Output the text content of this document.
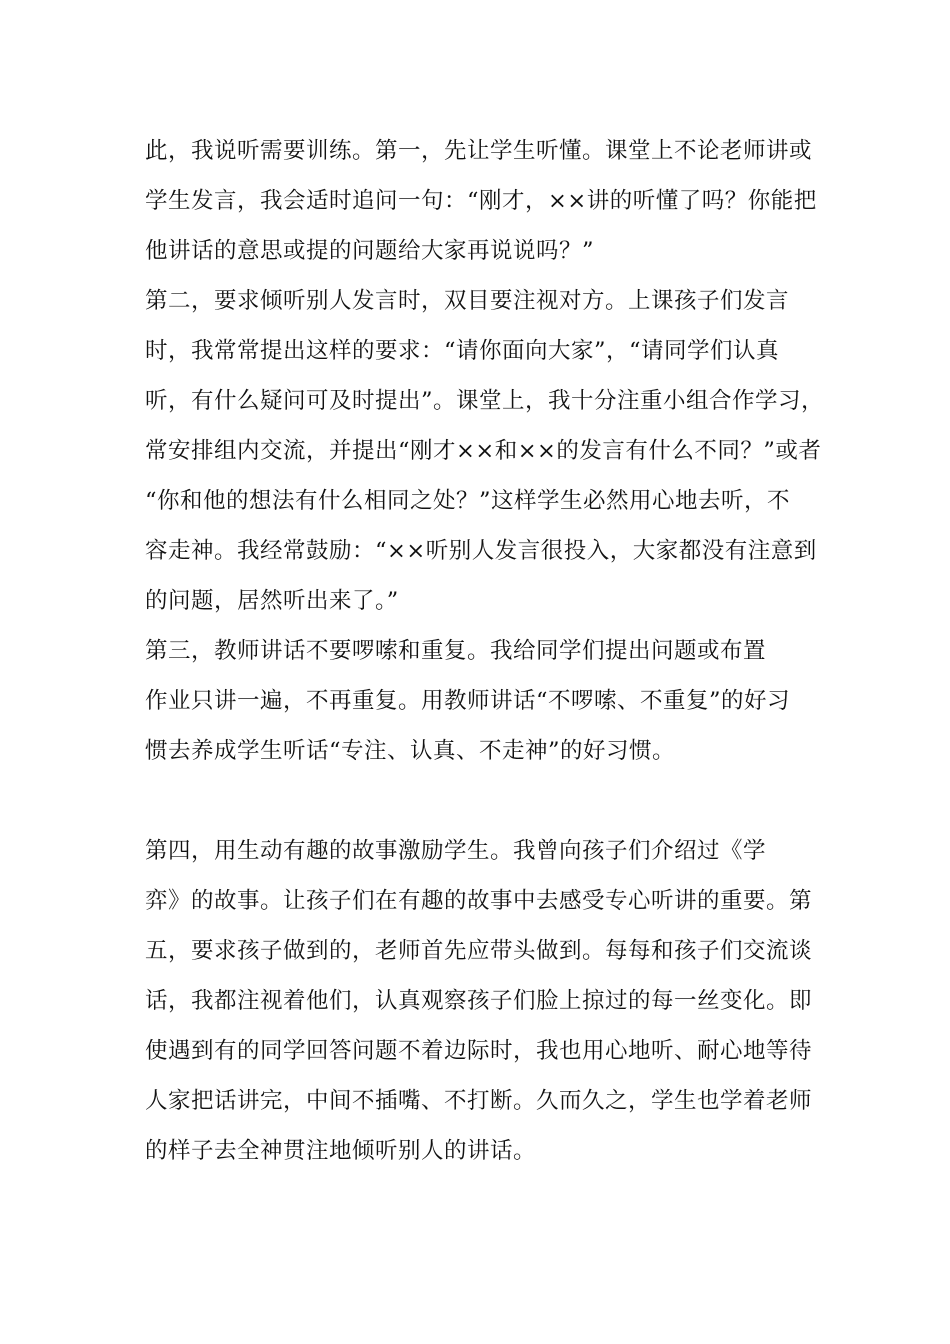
此，我说听需要训练。第一，先让学生听懂。课堂上不论老师讲或
学生发言，我会适时追问一句：“刚才，××讲的听懂了吗？你能把
他讲话的意思或提的问题给大家再说说吗？”

第二，要求倾听别人发言时，双目要注视对方。上课孩子们发言
时，我常常提出这样的要求：“请你面向大家”，“请同学们认真
听，有什么疑问可及时提出”。课堂上，我十分注重小组合作学习，
常安排组内交流，并提出“刚才××和××的发言有什么不同？”或者
“你和他的想法有什么相同之处？”这样学生必然用心地去听，不
容走神。我经常鼓励：“××听别人发言很投入，大家都没有注意到
的问题，居然听出来了。”

第三，教师讲话不要啰嗦和重复。我给同学们提出问题或布置
作业只讲一遍，不再重复。用教师讲话“不啰嗦、不重复”的好习
惯去养成学生听话“专注、认真、不走神”的好习惯。

第四，用生动有趣的故事激励学生。我曾向孩子们介绍过《学
弈》的故事。让孩子们在有趣的故事中去感受专心听讲的重要。第
五，要求孩子做到的，老师首先应带头做到。每每和孩子们交流谈
话，我都注视着他们，认真观察孩子们脸上掠过的每一丝变化。即
使遇到有的同学回答问题不着边际时，我也用心地听、耐心地等待
人家把话讲完，中间不插嘴、不打断。久而久之，学生也学着老师
的样子去全神贯注地倾听别人的讲话。
